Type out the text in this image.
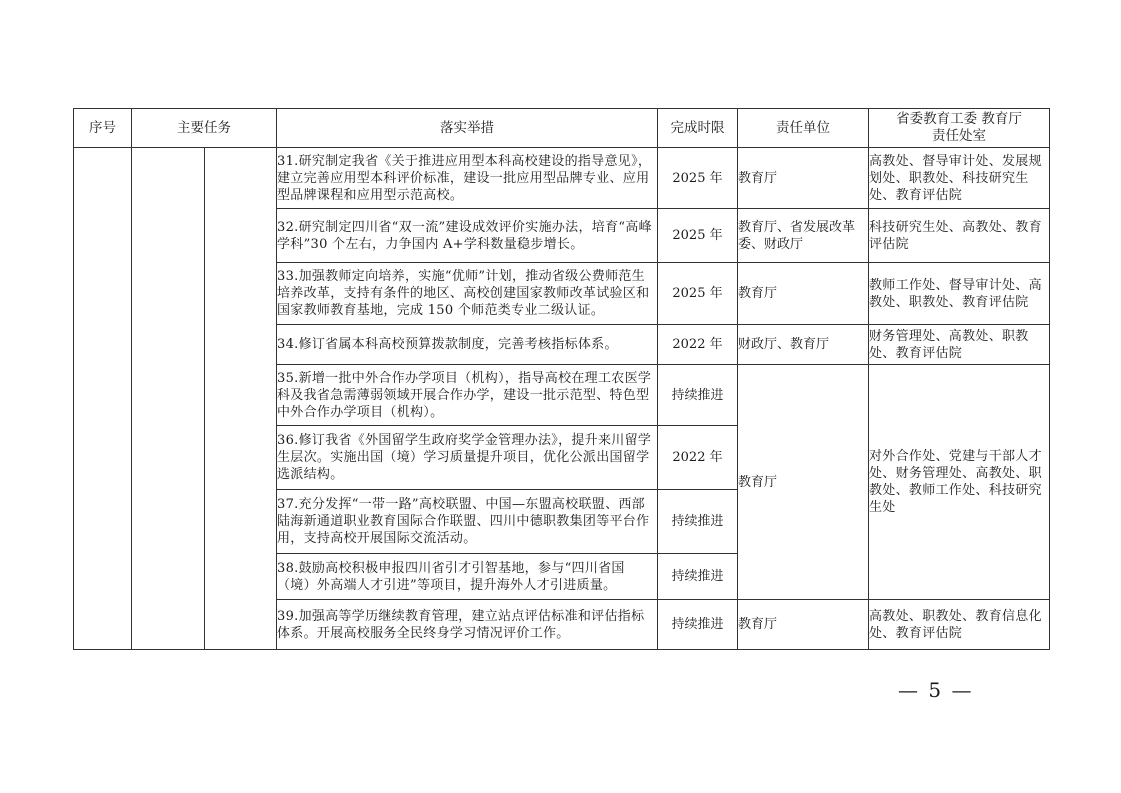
序号	主要任务		落实举措	完成时限	责任单位	省委教育工委 教育厅
责任处室

			31.研究制定我省《关于推进应用型本科高校建设的指导意见》，建立完善应用型本科评价标准，建设一批应用型品牌专业、应用型品牌课程和应用型示范高校。	2025 年	教育厅	高教处、督导审计处、发展规划处、职教处、科技研究生处、教育评估院
			32.研究制定四川省“双一流”建设成效评价实施办法，培育“高峰学科”30 个左右，力争国内 A+学科数量稳步增长。	2025 年	教育厅、省发展改革委、财政厅	科技研究生处、高教处、教育评估院
			33.加强教师定向培养，实施“优师”计划，推动省级公费师范生培养改革，支持有条件的地区、高校创建国家教师改革试验区和国家教师教育基地，完成 150 个师范类专业二级认证。	2025 年	教育厅	教师工作处、督导审计处、高教处、职教处、教育评估院
			34.修订省属本科高校预算拨款制度，完善考核指标体系。	2022 年	财政厅、教育厅	财务管理处、高教处、职教处、教育评估院
			35.新增一批中外合作办学项目（机构），指导高校在理工农医学科及我省急需薄弱领域开展合作办学，建设一批示范型、特色型中外合作办学项目（机构）。	持续推进	教育厅	对外合作处、党建与干部人才处、财务管理处、高教处、职教处、教师工作处、科技研究生处
			36.修订我省《外国留学生政府奖学金管理办法》，提升来川留学生层次。实施出国（境）学习质量提升项目，优化公派出国留学选派结构。	2022 年		
			37.充分发挥“一带一路”高校联盟、中国—东盟高校联盟、西部陆海新通道职业教育国际合作联盟、四川中德职教集团等平台作用，支持高校开展国际交流活动。	持续推进		
			38.鼓励高校积极申报四川省引才引智基地，参与“四川省国（境）外高端人才引进”等项目，提升海外人才引进质量。	持续推进		
			39.加强高等学历继续教育管理，建立站点评估标准和评估指标体系。开展高校服务全民终身学习情况评价工作。	持续推进	教育厅	高教处、职教处、教育信息化处、教育评估院
— 5 —
